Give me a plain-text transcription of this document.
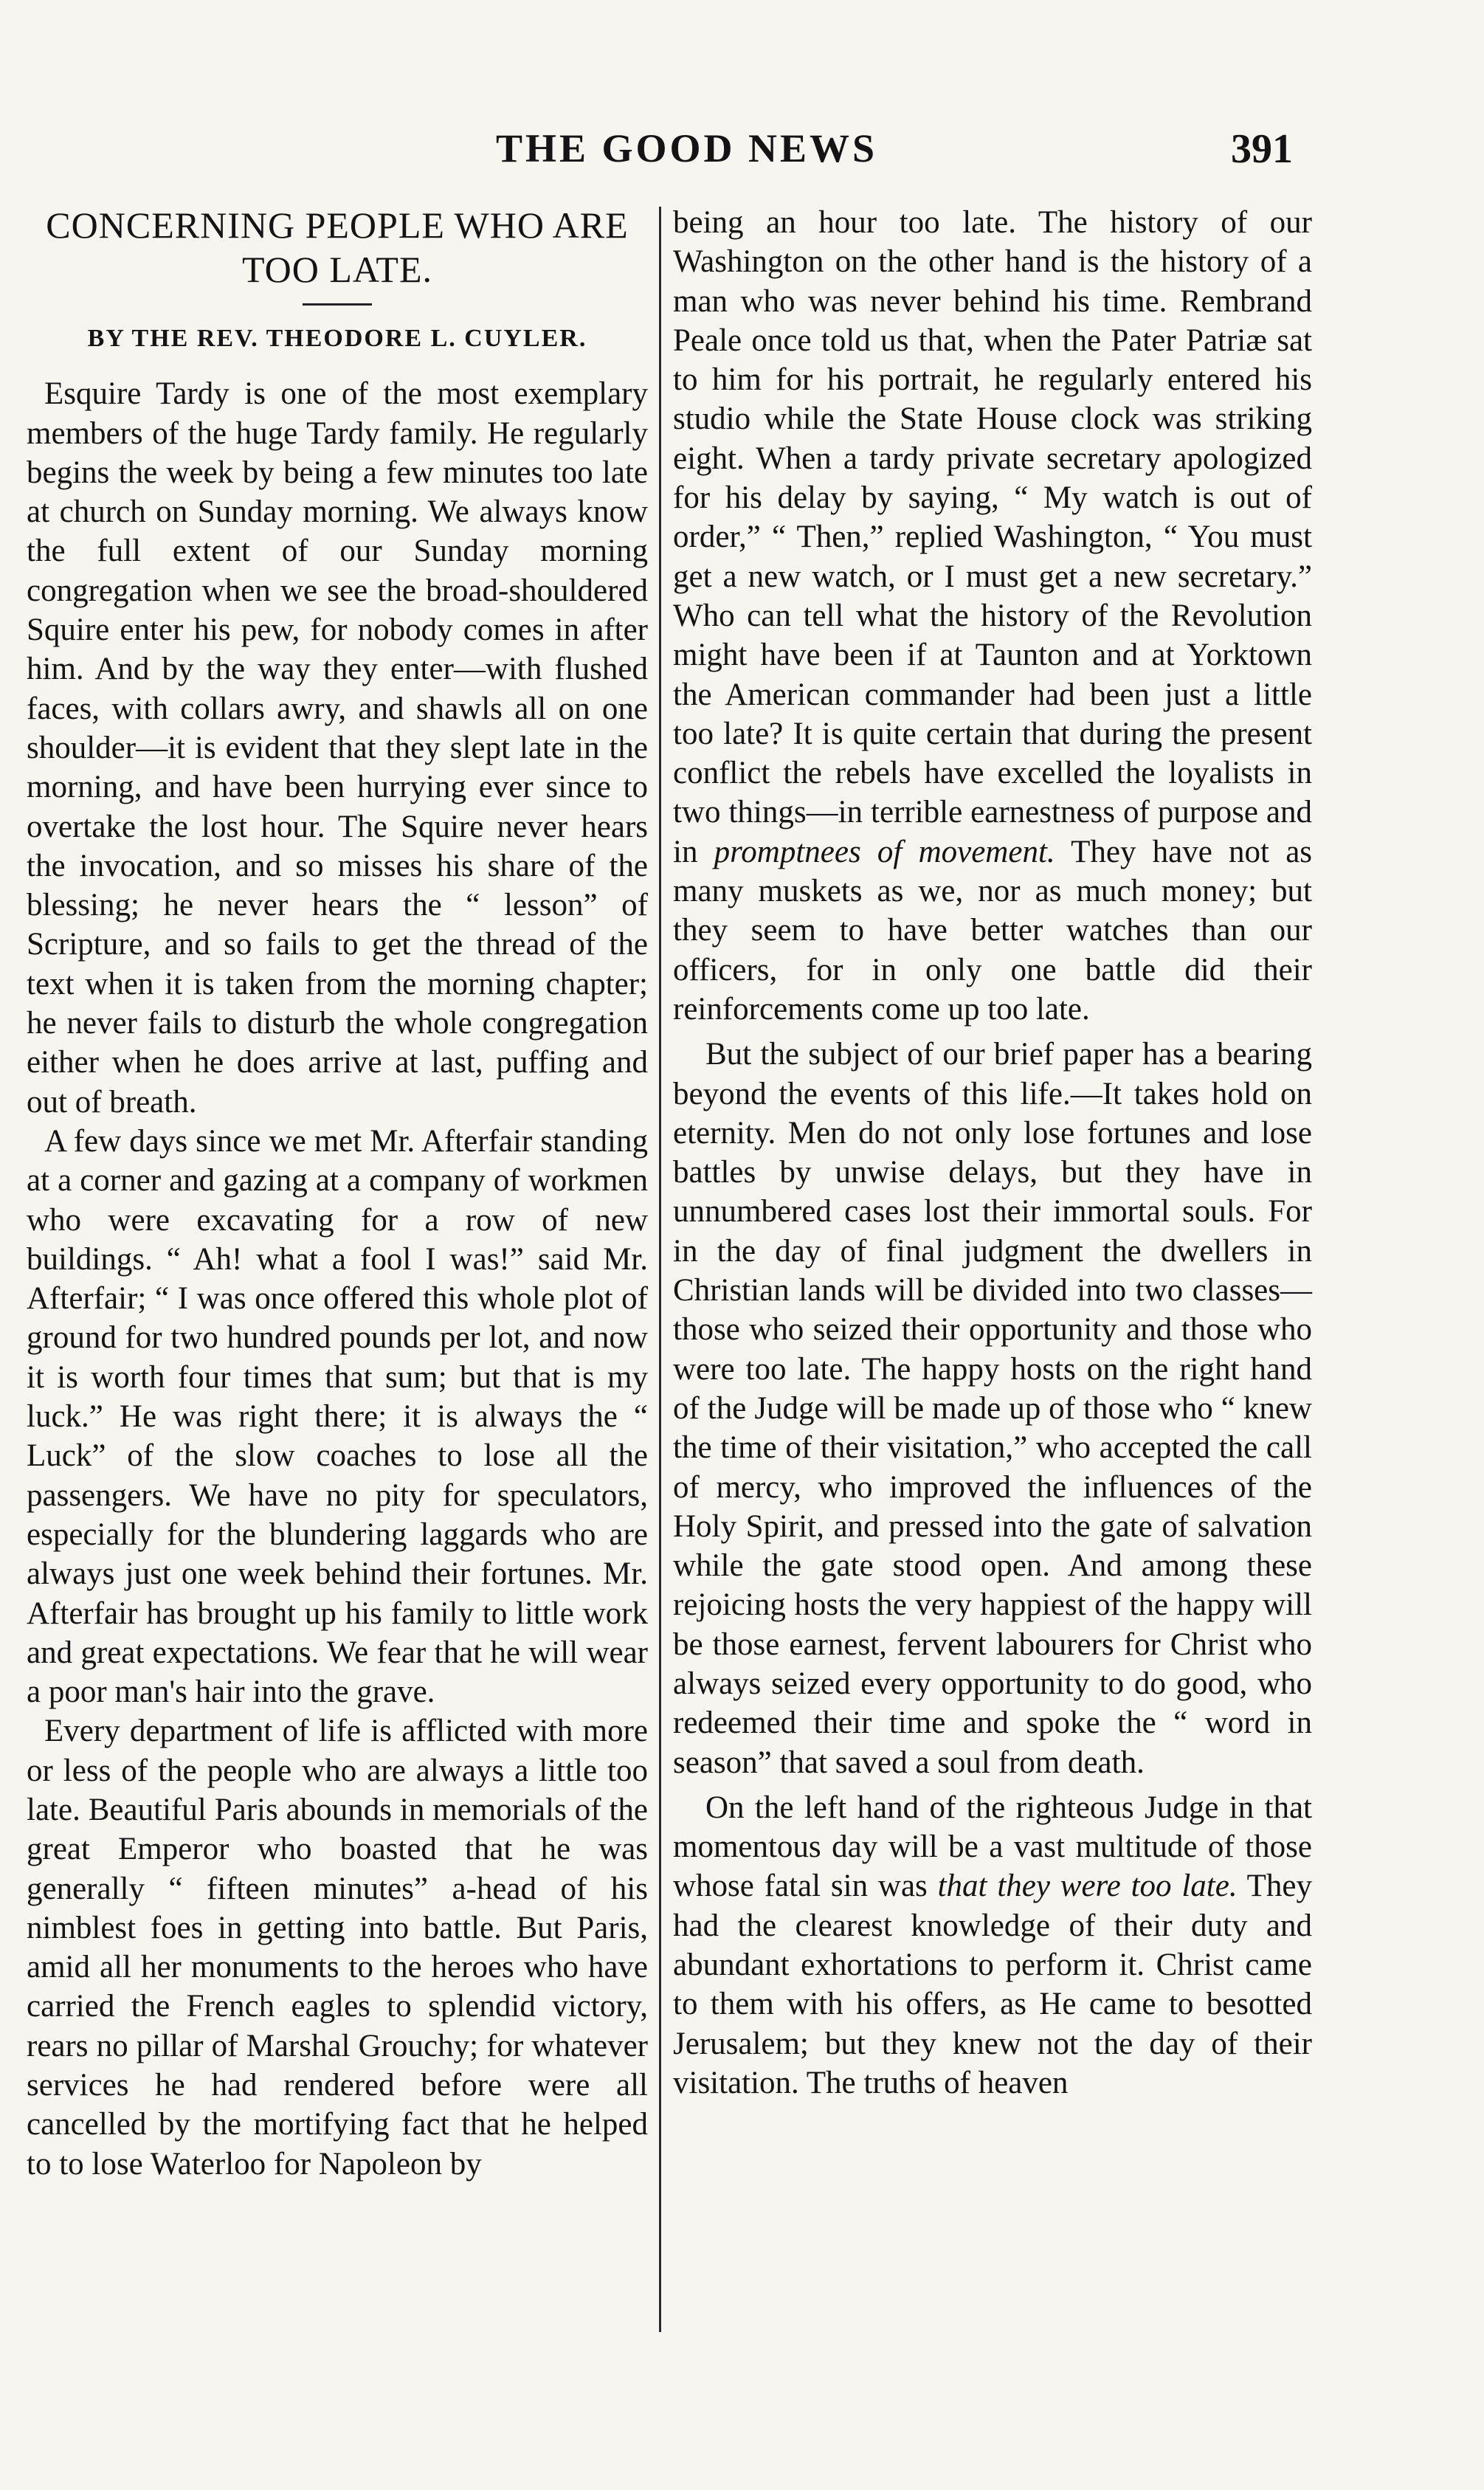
THE GOOD NEWS	391
CONCERNING PEOPLE WHO ARE
TOO LATE.
BY THE REV. THEODORE L. CUYLER.

Esquire Tardy is one of the most exemplary members of the huge Tardy family. He regularly begins the week by being a few minutes too late at church on Sunday morning. We always know the full extent of our Sunday morning congregation when we see the broad-shouldered Squire enter his pew, for nobody comes in after him. And by the way they enter—with flushed faces, with collars awry, and shawls all on one shoulder—it is evident that they slept late in the morning, and have been hurrying ever since to overtake the lost hour. The Squire never hears the invocation, and so misses his share of the blessing; he never hears the “ lesson” of Scripture, and so fails to get the thread of the text when it is taken from the morning chapter; he never fails to disturb the whole congregation either when he does arrive at last, puffing and out of breath.

A few days since we met Mr. Afterfair standing at a corner and gazing at a company of workmen who were excavating for a row of new buildings. “ Ah! what a fool I was!” said Mr. Afterfair; “ I was once offered this whole plot of ground for two hundred pounds per lot, and now it is worth four times that sum; but that is my luck.” He was right there; it is always the “ Luck” of the slow coaches to lose all the passengers. We have no pity for speculators, especially for the blundering laggards who are always just one week behind their fortunes. Mr. Afterfair has brought up his family to little work and great expectations. We fear that he will wear a poor man's hair into the grave.

Every department of life is afflicted with more or less of the people who are always a little too late. Beautiful Paris abounds in memorials of the great Emperor who boasted that he was generally “ fifteen minutes” a-head of his nimblest foes in getting into battle. But Paris, amid all her monuments to the heroes who have carried the French eagles to splendid victory, rears no pillar of Marshal Grouchy; for whatever services he had rendered before were all cancelled by the mortifying fact that he helped to to lose Waterloo for Napoleon by

being an hour too late. The history of our Washington on the other hand is the history of a man who was never behind his time. Rembrand Peale once told us that, when the Pater Patriæ sat to him for his portrait, he regularly entered his studio while the State House clock was striking eight. When a tardy private secretary apologized for his delay by saying, “ My watch is out of order,” “ Then,” replied Washington, “ You must get a new watch, or I must get a new secretary.” Who can tell what the history of the Revolution might have been if at Taunton and at Yorktown the American commander had been just a little too late? It is quite certain that during the present conflict the rebels have excelled the loyalists in two things—in terrible earnestness of purpose and in promptnees of movement. They have not as many muskets as we, nor as much money; but they seem to have better watches than our officers, for in only one battle did their reinforcements come up too late.

But the subject of our brief paper has a bearing beyond the events of this life.—It takes hold on eternity. Men do not only lose fortunes and lose battles by unwise delays, but they have in unnumbered cases lost their immortal souls. For in the day of final judgment the dwellers in Christian lands will be divided into two classes—those who seized their opportunity and those who were too late. The happy hosts on the right hand of the Judge will be made up of those who “ knew the time of their visitation,” who accepted the call of mercy, who improved the influences of the Holy Spirit, and pressed into the gate of salvation while the gate stood open. And among these rejoicing hosts the very happiest of the happy will be those earnest, fervent labourers for Christ who always seized every opportunity to do good, who redeemed their time and spoke the “ word in season” that saved a soul from death.

On the left hand of the righteous Judge in that momentous day will be a vast multitude of those whose fatal sin was that they were too late. They had the clearest knowledge of their duty and abundant exhortations to perform it. Christ came to them with his offers, as He came to besotted Jerusalem; but they knew not the day of their visitation. The truths of heaven
